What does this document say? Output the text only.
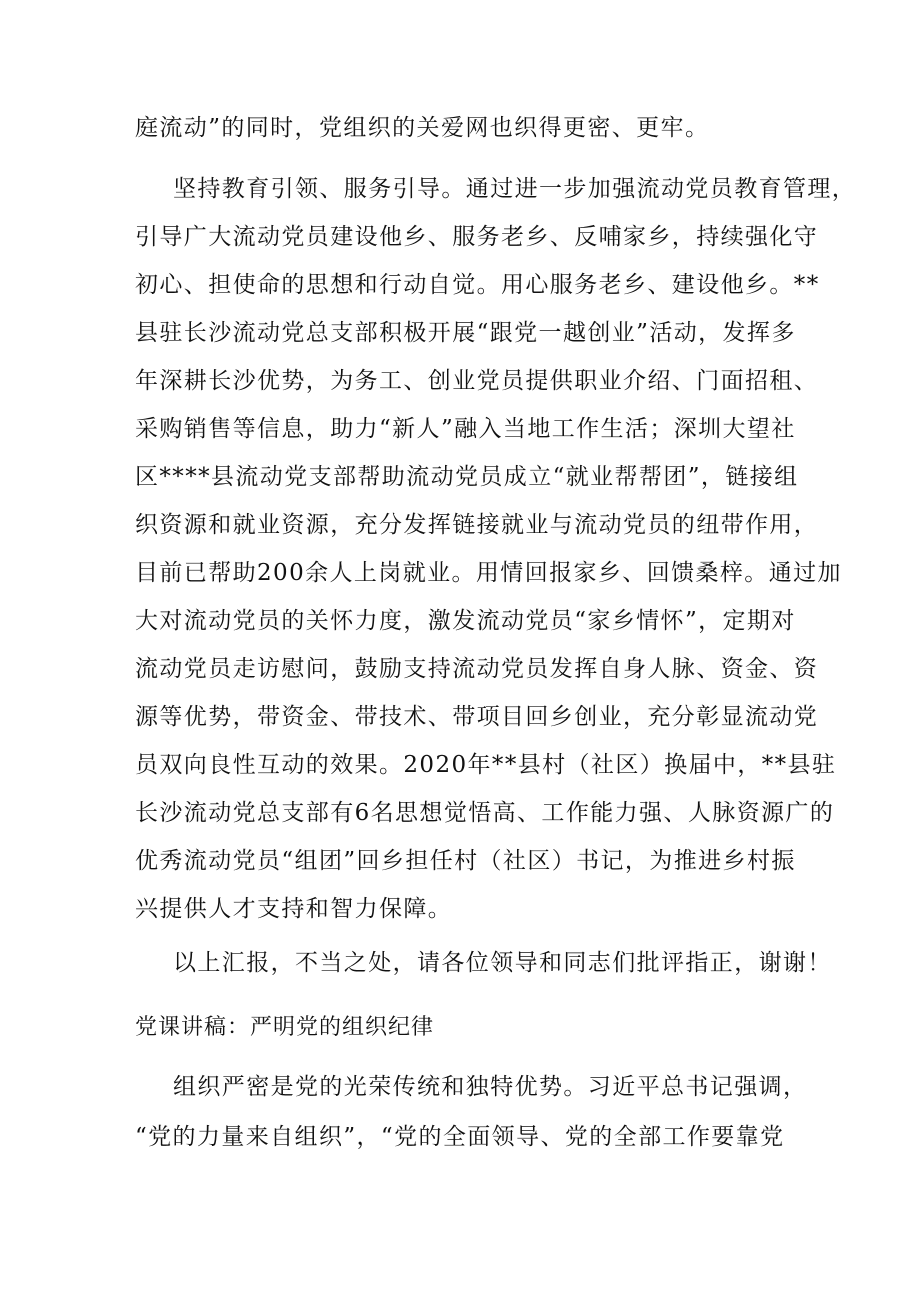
庭流动”的同时，党组织的关爱网也织得更密、更牢。
坚持教育引领、服务引导。通过进一步加强流动党员教育管理，
引导广大流动党员建设他乡、服务老乡、反哺家乡，持续强化守
初心、担使命的思想和行动自觉。用心服务老乡、建设他乡。**
县驻长沙流动党总支部积极开展“跟党一越创业”活动，发挥多
年深耕长沙优势，为务工、创业党员提供职业介绍、门面招租、
采购销售等信息，助力“新人”融入当地工作生活；深圳大望社
区****县流动党支部帮助流动党员成立“就业帮帮团”，链接组
织资源和就业资源，充分发挥链接就业与流动党员的纽带作用，
目前已帮助200余人上岗就业。用情回报家乡、回馈桑梓。通过加
大对流动党员的关怀力度，激发流动党员“家乡情怀”，定期对
流动党员走访慰问，鼓励支持流动党员发挥自身人脉、资金、资
源等优势，带资金、带技术、带项目回乡创业，充分彰显流动党
员双向良性互动的效果。2020年**县村（社区）换届中，**县驻
长沙流动党总支部有6名思想觉悟高、工作能力强、人脉资源广的
优秀流动党员“组团”回乡担任村（社区）书记，为推进乡村振
兴提供人才支持和智力保障。
以上汇报，不当之处，请各位领导和同志们批评指正，谢谢！
党课讲稿：严明党的组织纪律
组织严密是党的光荣传统和独特优势。习近平总书记强调，
“党的力量来自组织”，“党的全面领导、党的全部工作要靠党
